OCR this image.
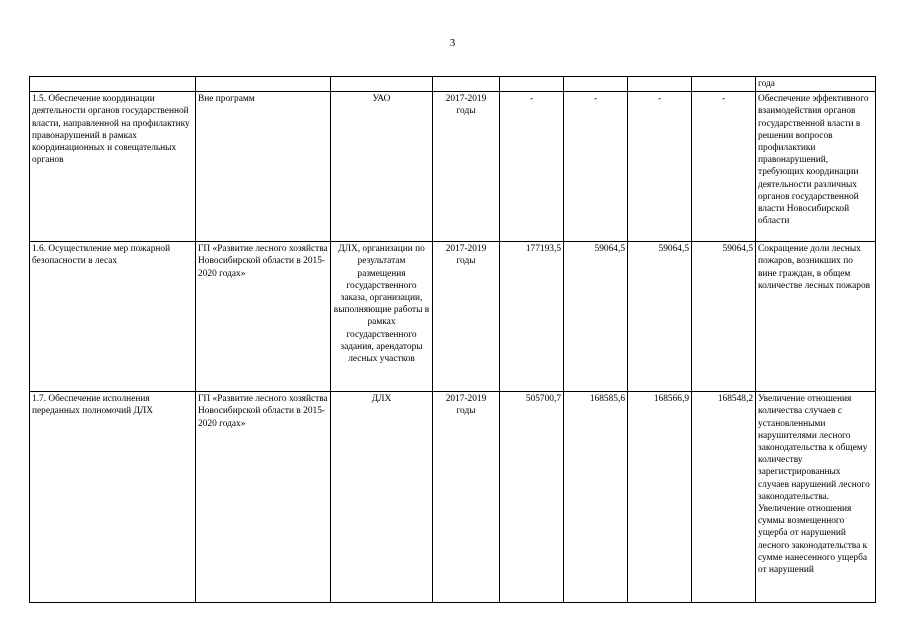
3
								года
1.5. Обеспечение координации деятельности органов государственной власти, направленной на профилактику правонарушений в рамках координационных и совещательных органов	Вне программ	УАО	2017-2019 годы	-	-	-	-	Обеспечение эффективного взаимодействия органов государственной власти в решении вопросов профилактики правонарушений, требующих координации деятельности различных органов государственной власти Новосибирской области
1.6. Осуществление мер пожарной безопасности в лесах	ГП «Развитие лесного хозяйства Новосибирской области в 2015-2020 годах»	ДЛХ, организации по результатам размещения государственного заказа, организации, выполняющие работы в рамках государственного задания, арендаторы лесных участков	2017-2019 годы	177193,5	59064,5	59064,5	59064,5	Сокращение доли лесных пожаров, возникших по вине граждан, в общем количестве лесных пожаров
1.7. Обеспечение исполнения переданных полномочий ДЛХ	ГП «Развитие лесного хозяйства Новосибирской области в 2015-2020 годах»	ДЛХ	2017-2019 годы	505700,7	168585,6	168566,9	168548,2	Увеличение отношения количества случаев с установленными нарушителями лесного законодательства к общему количеству зарегистрированных случаев нарушений лесного законодательства. Увеличение отношения суммы возмещенного ущерба от нарушений лесного законодательства к сумме нанесенного ущерба от нарушений
